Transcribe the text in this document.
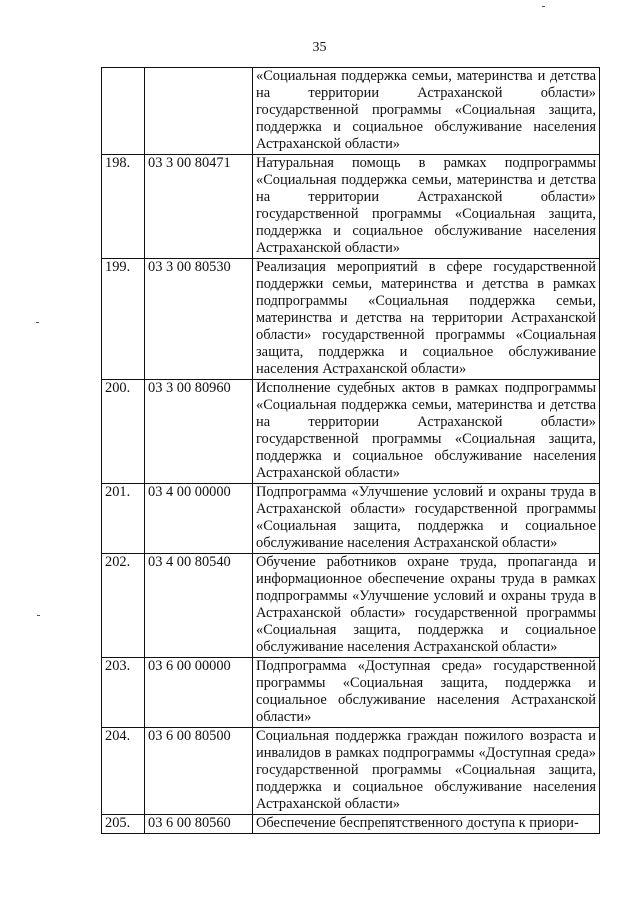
35
		«Социальная поддержка семьи, материнства и детства на территории Астраханской области» государственной программы «Социальная защита, поддержка и социальное обслуживание населения Астраханской области»
198.	03 3 00 80471	Натуральная помощь в рамках подпрограммы «Социальная поддержка семьи, материнства и детства на территории Астраханской области» государственной программы «Социальная защита, поддержка и социальное обслуживание населения Астраханской области»
199.	03 3 00 80530	Реализация мероприятий в сфере государственной поддержки семьи, материнства и детства в рамках подпрограммы «Социальная поддержка семьи, материнства и детства на территории Астраханской области» государственной программы «Социальная защита, поддержка и социальное обслуживание населения Астраханской области»
200.	03 3 00 80960	Исполнение судебных актов в рамках подпрограммы «Социальная поддержка семьи, материнства и детства на территории Астраханской области» государственной программы «Социальная защита, поддержка и социальное обслуживание населения Астраханской области»
201.	03 4 00 00000	Подпрограмма «Улучшение условий и охраны труда в Астраханской области» государственной программы «Социальная защита, поддержка и социальное обслуживание населения Астраханской области»
202.	03 4 00 80540	Обучение работников охране труда, пропаганда и информационное обеспечение охраны труда в рамках подпрограммы «Улучшение условий и охраны труда в Астраханской области» государственной программы «Социальная защита, поддержка и социальное обслуживание населения Астраханской области»
203.	03 6 00 00000	Подпрограмма «Доступная среда» государственной программы «Социальная защита, поддержка и социальное обслуживание населения Астраханской области»
204.	03 6 00 80500	Социальная поддержка граждан пожилого возраста и инвалидов в рамках подпрограммы «Доступная среда» государственной программы «Социальная защита, поддержка и социальное обслуживание населения Астраханской области»
205.	03 6 00 80560	Обеспечение беспрепятственного доступа к приори-
